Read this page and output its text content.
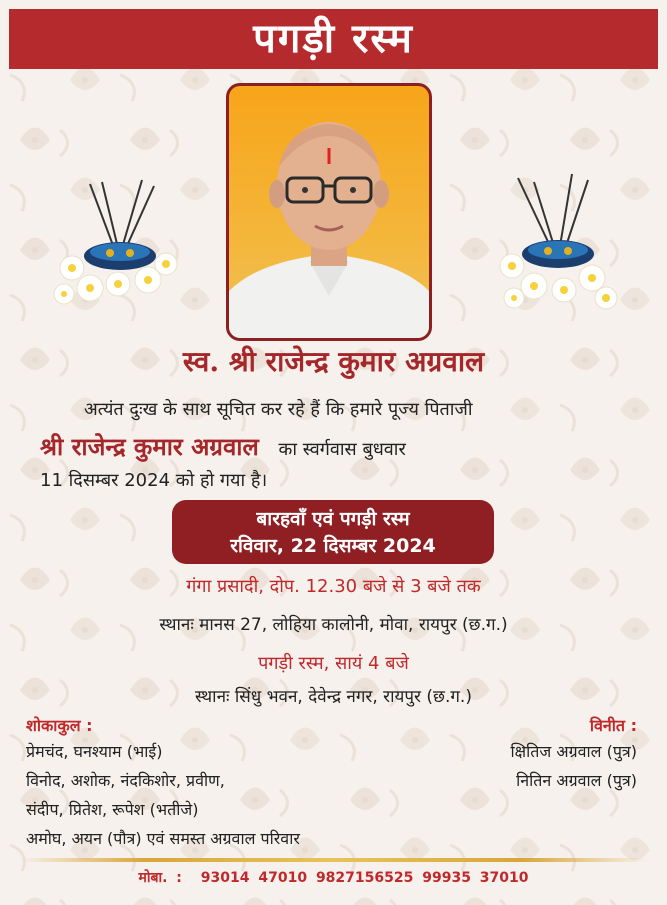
पगड़ी रस्म
स्व. श्री राजेन्द्र कुमार अग्रवाल
अत्यंत दुःख के साथ सूचित कर रहे हैं कि हमारे पूज्य पिताजी
श्री राजेन्द्र कुमार अग्रवाल का स्वर्गवास बुधवार
11 दिसम्बर 2024 को हो गया है।
बारहवाँ एवं पगड़ी रस्म
रविवार, 22 दिसम्बर 2024
गंगा प्रसादी, दोप. 12.30 बजे से 3 बजे तक
स्थानः मानस 27, लोहिया कालोनी, मोवा, रायपुर (छ.ग.)
पगड़ी रस्म, सायं 4 बजे
स्थानः सिंधु भवन, देवेन्द्र नगर, रायपुर (छ.ग.)
शोकाकुल :	विनीत :
प्रेमचंद, घनश्याम (भाई)
विनोद, अशोक, नंदकिशोर, प्रवीण,
संदीप, प्रितेश, रूपेश (भतीजे)
अमोघ, अयन (पौत्र) एवं समस्त अग्रवाल परिवार
क्षितिज अग्रवाल (पुत्र)
नितिन अग्रवाल (पुत्र)
मोबा. : 93014 47010 9827156525 99935 37010
